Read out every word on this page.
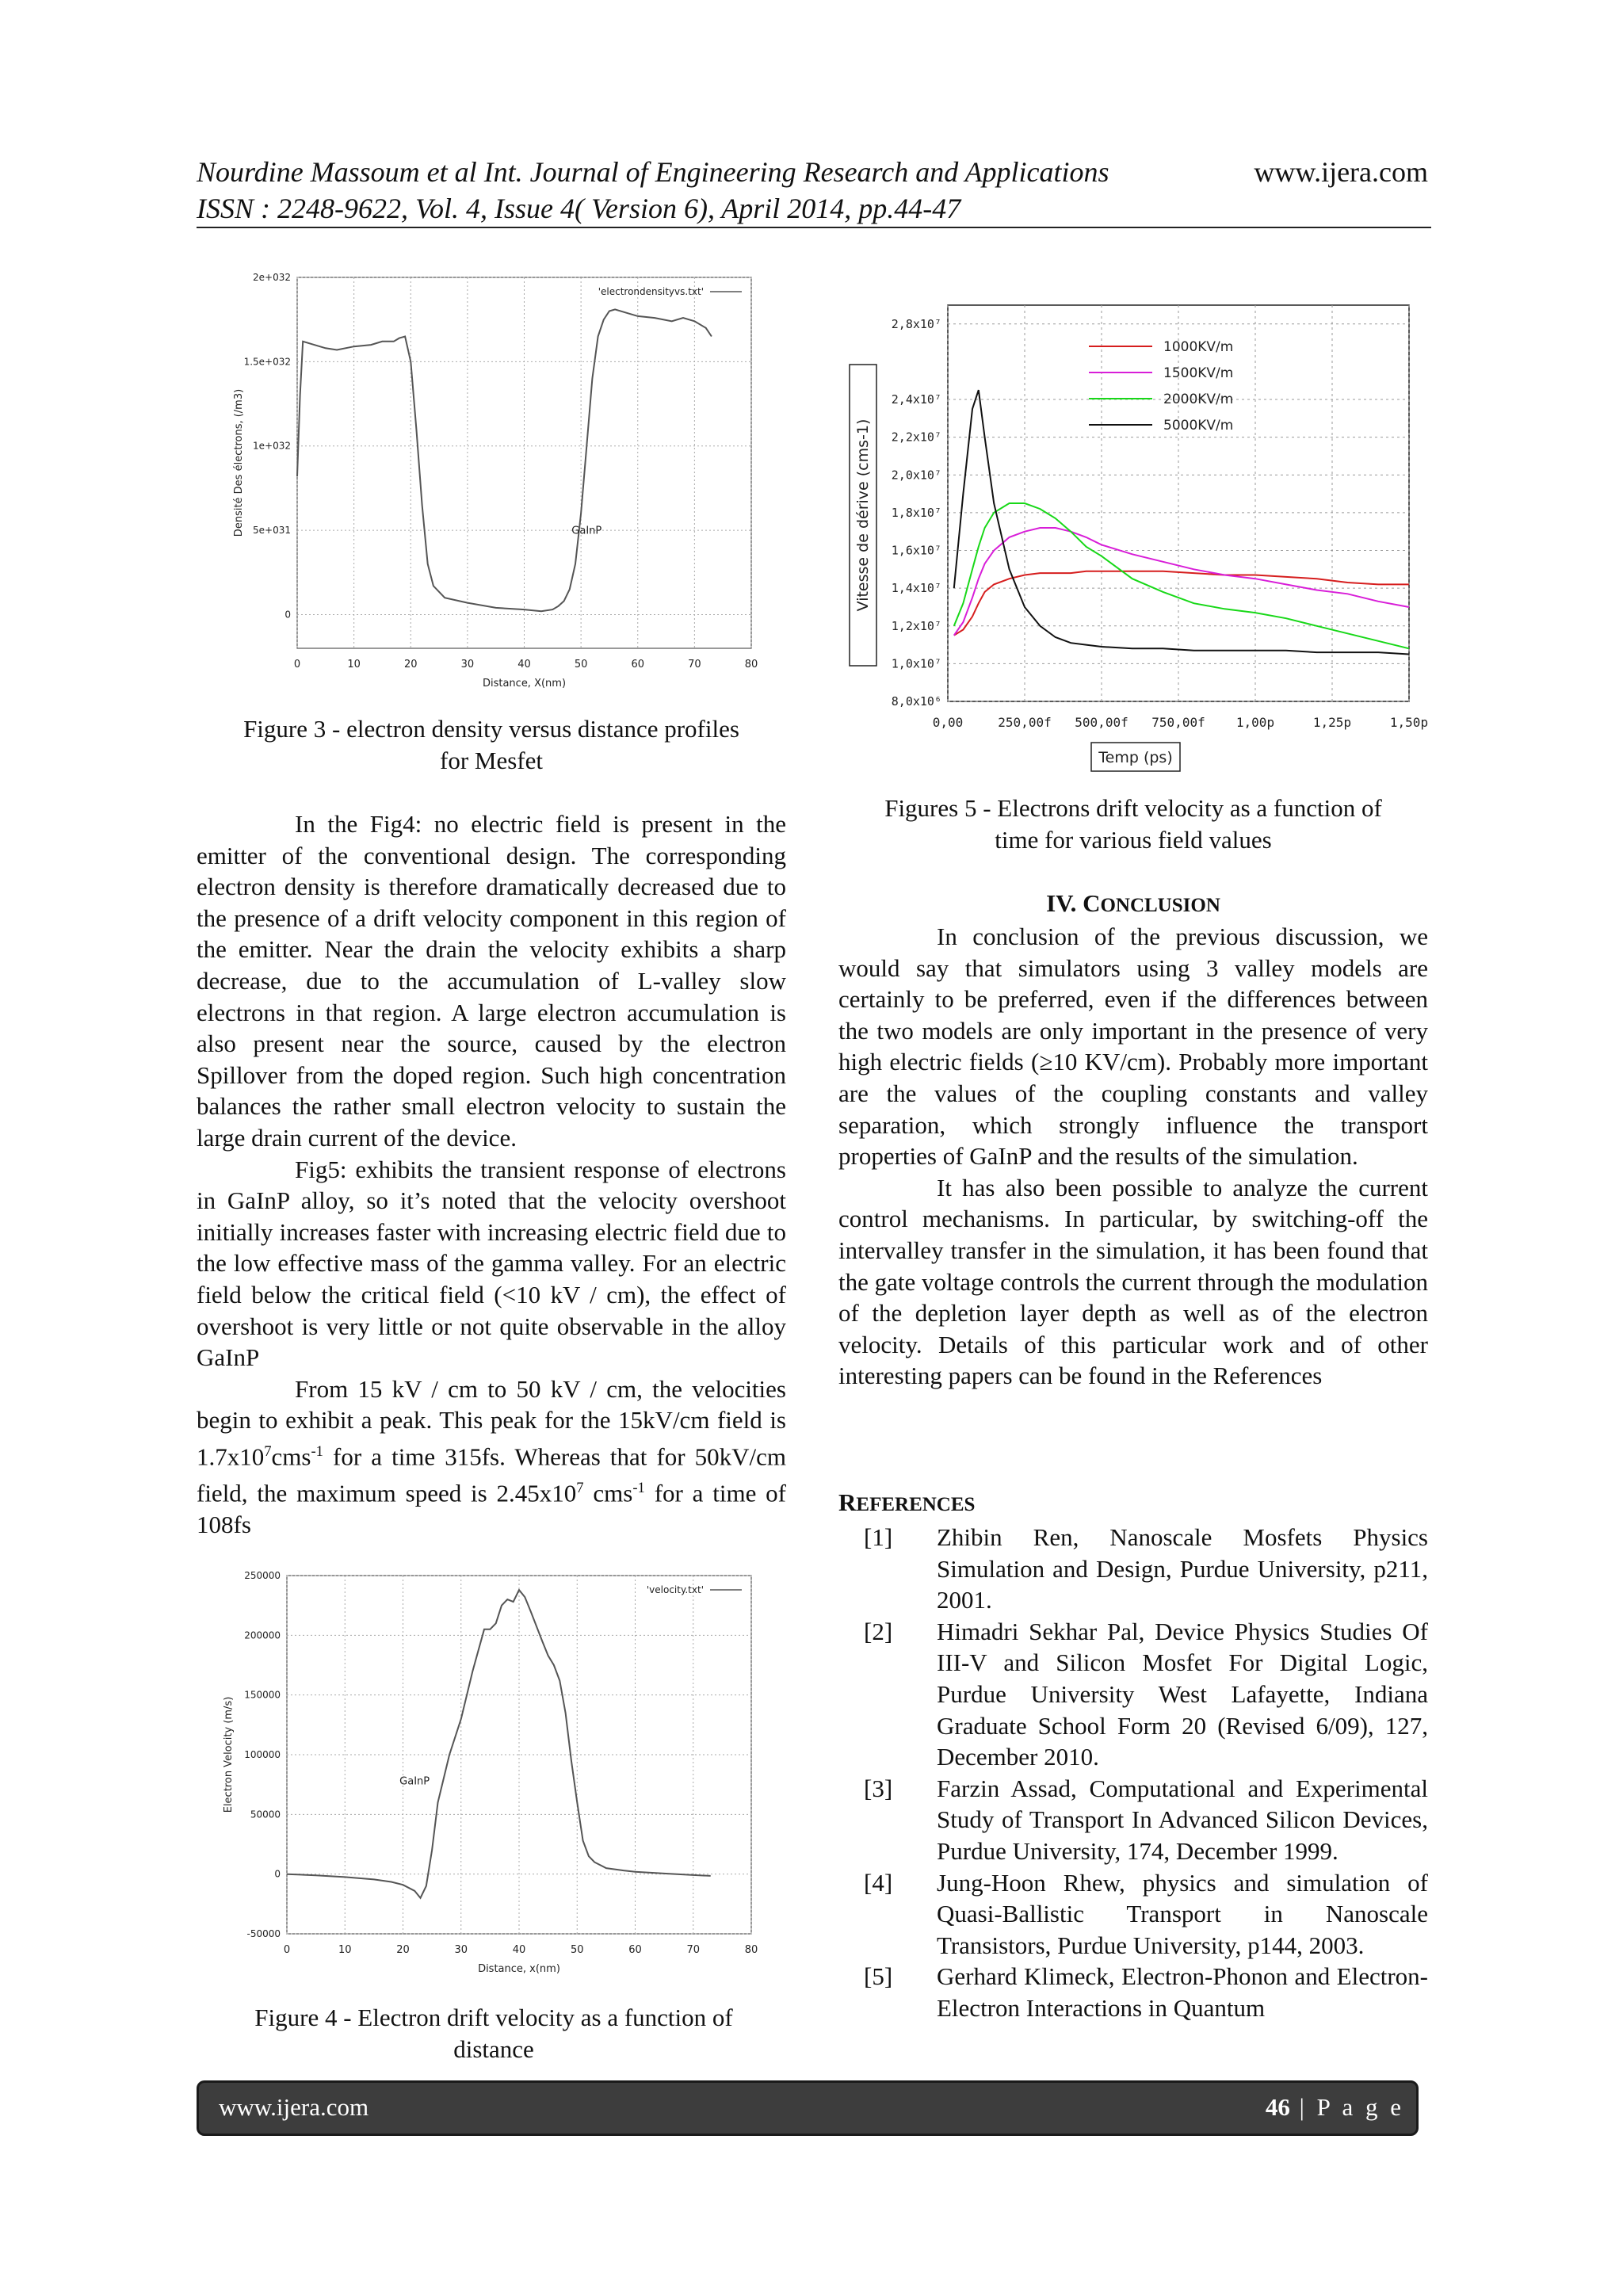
Nourdine Massoum et al Int. Journal of Engineering Research and Applications	www.ijera.com
ISSN : 2248-9622, Vol. 4, Issue 4( Version 6), April 2014, pp.44-47
0	10	20	30	40	50	60	70	80
0
5e+031
1e+032
1.5e+032
2e+032
Distance, X(nm)
Densité Des électrons, (/m3)
'electrondensityvs.txt'
GaInP
Figure 3 - electron density versus distance profiles
for Mesfet

In the Fig4: no electric field is present in the emitter of the conventional design. The corresponding electron density is therefore dramatically decreased due to the presence of a drift velocity component in this region of the emitter. Near the drain the velocity exhibits a sharp decrease, due to the accumulation of L-valley slow electrons in that region. A large electron accumulation is also present near the source, caused by the electron Spillover from the doped region. Such high concentration balances the rather small electron velocity to sustain the large drain current of the device.

Fig5: exhibits the transient response of electrons in GaInP alloy, so it’s noted that the velocity overshoot initially increases faster with increasing electric field due to the low effective mass of the gamma valley. For an electric field below the critical field (<10 kV / cm), the effect of overshoot is very little or not quite observable in the alloy GaInP

From 15 kV / cm to 50 kV / cm, the velocities begin to exhibit a peak. This peak for the 15kV/cm field is $1.7x10^7cms^{-1}$ for a time 315fs. Whereas that for 50kV/cm field, the maximum speed is $2.45x10^7$ cms$^{-1}$ for a time of 108fs

0	10	20	30	40	50	60	70	80
-50000
0
50000
100000
150000
200000
250000
Distance, x(nm)
Electron Velocity (m/s)
'velocity.txt'
GaInP
Figure 4 - Electron drift velocity as a function of
distance
8,0x10⁶
1,0x10⁷
1,2x10⁷
1,4x10⁷
1,6x10⁷
1,8x10⁷
2,0x10⁷
2,2x10⁷
2,4x10⁷
2,8x10⁷
0,00	250,00f 500,00f 750,00f 1,00p	1,25p	1,50p
Temp (ps)
Vitesse de dérive (cms-1)
1000KV/m
1500KV/m
2000KV/m
5000KV/m
Figures 5 - Electrons drift velocity as a function of
time for various field values
IV. CONCLUSION

In conclusion of the previous discussion, we would say that simulators using 3 valley models are certainly to be preferred, even if the differences between the two models are only important in the presence of very high electric fields (≥10 KV/cm). Probably more important are the values of the coupling constants and valley separation, which strongly influence the transport properties of GaInP and the results of the simulation.

It has also been possible to analyze the current control mechanisms. In particular, by switching-off the intervalley transfer in the simulation, it has been found that the gate voltage controls the current through the modulation of the depletion layer depth as well as of the electron velocity. Details of this particular work and of other interesting papers can be found in the References

REFERENCES
[1]	Zhibin Ren, Nanoscale Mosfets Physics Simulation and Design, Purdue University, p211, 2001.
[2]	Himadri Sekhar Pal, Device Physics Studies Of III-V and Silicon Mosfet For Digital Logic, Purdue University West Lafayette, Indiana Graduate School Form 20 (Revised 6/09), 127, December 2010.
[3]	Farzin Assad, Computational and Experimental Study of Transport In Advanced Silicon Devices, Purdue University, 174, December 1999.
[4]	Jung-Hoon Rhew, physics and simulation of Quasi-Ballistic Transport in Nanoscale Transistors, Purdue University, p144, 2003.
[5]	Gerhard Klimeck, Electron-Phonon and Electron-Electron Interactions in Quantum
www.ijera.com	46 | P a g e
